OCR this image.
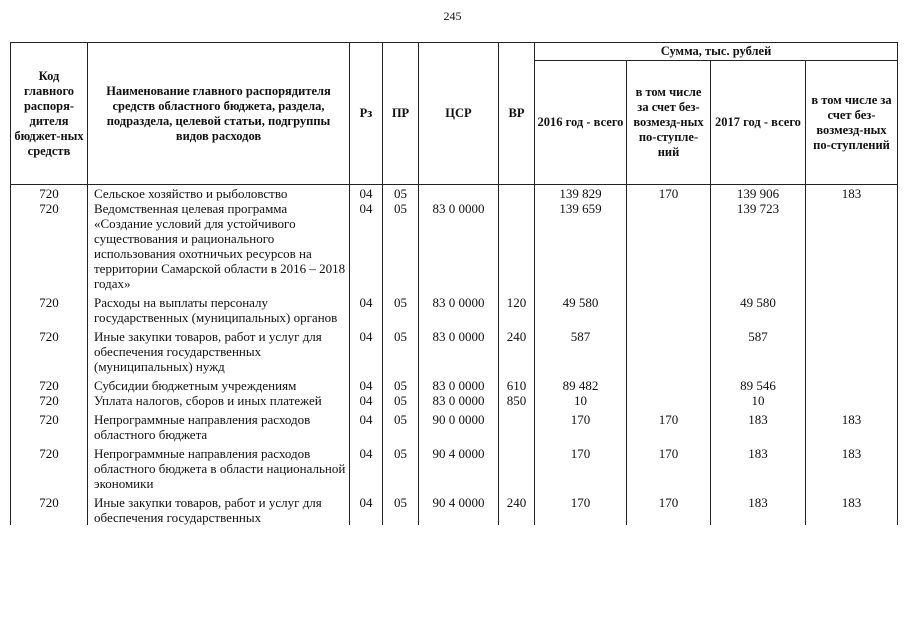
245
Код главного распоря-дителя бюджет-ных средств	Наименование главного распорядителя средств областного бюджета, раздела, подраздела, целевой статьи, подгруппы видов расходов	Рз	ПР	ЦСР	ВР	Сумма, тыс. рублей			
						2016 год - всего	в том числе за счет без-возмезд-ных по-ступле-ний	2017 год - всего	в том числе за счет без-возмезд-ных по-ступлений
720	Сельское хозяйство и рыболовство	04	05			139 829	170	139 906	183
720	Ведомственная целевая программа «Создание условий для устойчивого существования и рационального использования охотничьих ресурсов на территории Самарской области в 2016 – 2018 годах»	04	05	83 0 0000		139 659		139 723	
720	Расходы на выплаты персоналу государственных (муниципальных) органов	04	05	83 0 0000	120	49 580		49 580	
720	Иные закупки товаров, работ и услуг для обеспечения государственных (муниципальных) нужд	04	05	83 0 0000	240	587		587	
720	Субсидии бюджетным учреждениям	04	05	83 0 0000	610	89 482		89 546	
720	Уплата налогов, сборов и иных платежей	04	05	83 0 0000	850	10		10	
720	Непрограммные направления расходов областного бюджета	04	05	90 0 0000		170	170	183	183
720	Непрограммные направления расходов областного бюджета в области национальной экономики	04	05	90 4 0000		170	170	183	183
720	Иные закупки товаров, работ и услуг для обеспечения государственных	04	05	90 4 0000	240	170	170	183	183
